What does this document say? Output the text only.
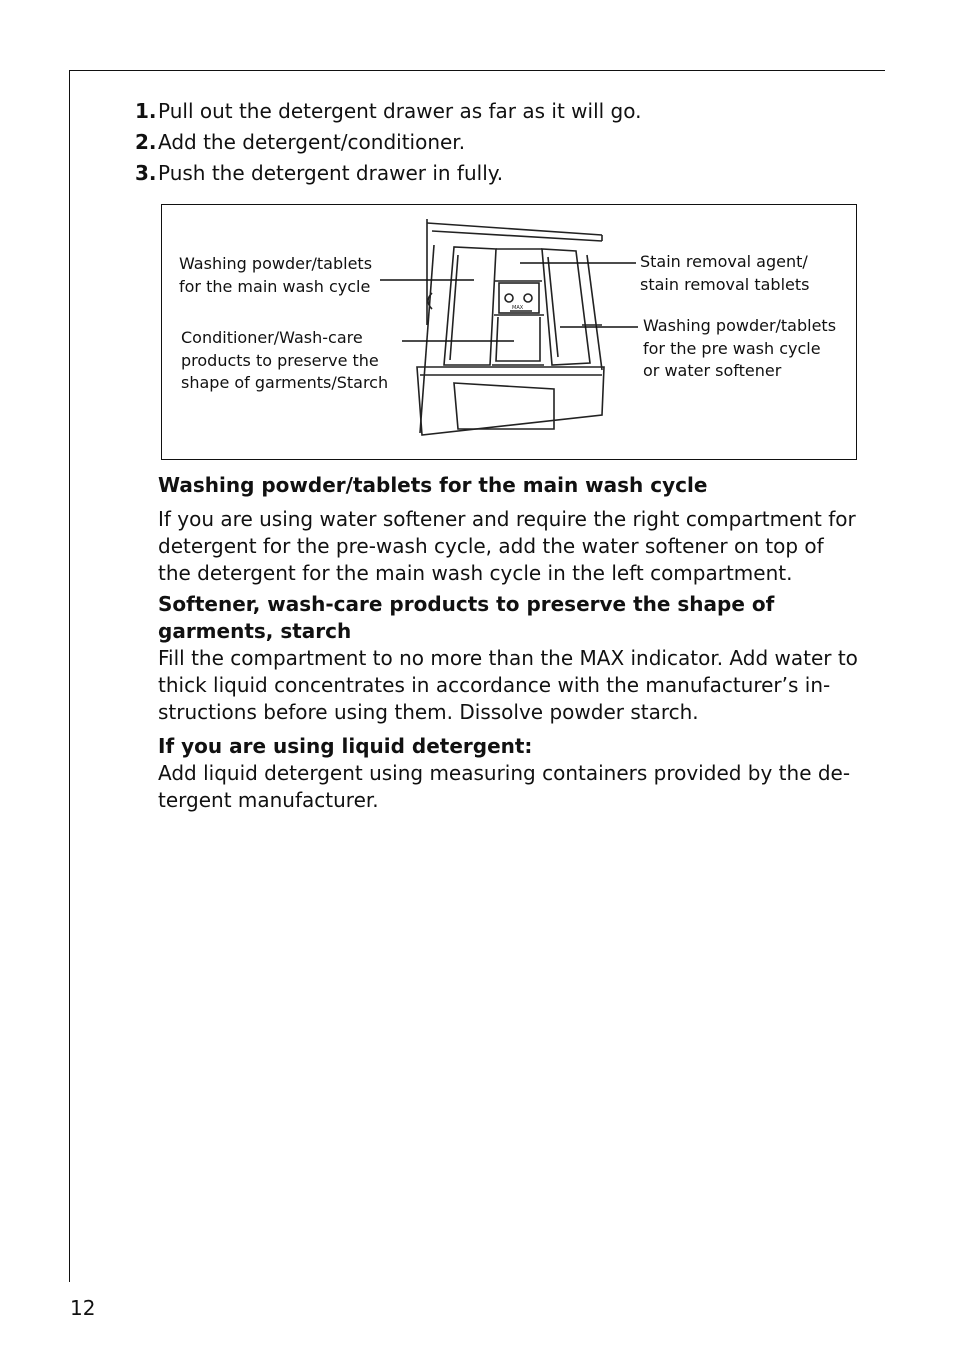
1. Pull out the detergent drawer as far as it will go.
2. Add the detergent/conditioner.
3. Push the detergent drawer in fully.
MAX
Washing powder/tablets
for the main wash cycle
Conditioner/Wash-care
products to preserve the
shape of garments/Starch
Stain removal agent/
stain removal tablets
Washing powder/tablets
for the pre wash cycle
or water softener

Washing powder/tablets for the main wash cycle

If you are using water softener and require the right compartment for detergent for the pre-wash cycle, add the water softener on top of the detergent for the main wash cycle in the left compartment.

Softener, wash-care products to preserve the shape of garments, starch

Fill the compartment to no more than the MAX indicator. Add water to thick liquid concentrates in accordance with the manufacturer’s in-structions before using them. Dissolve powder starch.

If you are using liquid detergent:

Add liquid detergent using measuring containers provided by the de-tergent manufacturer.

12
